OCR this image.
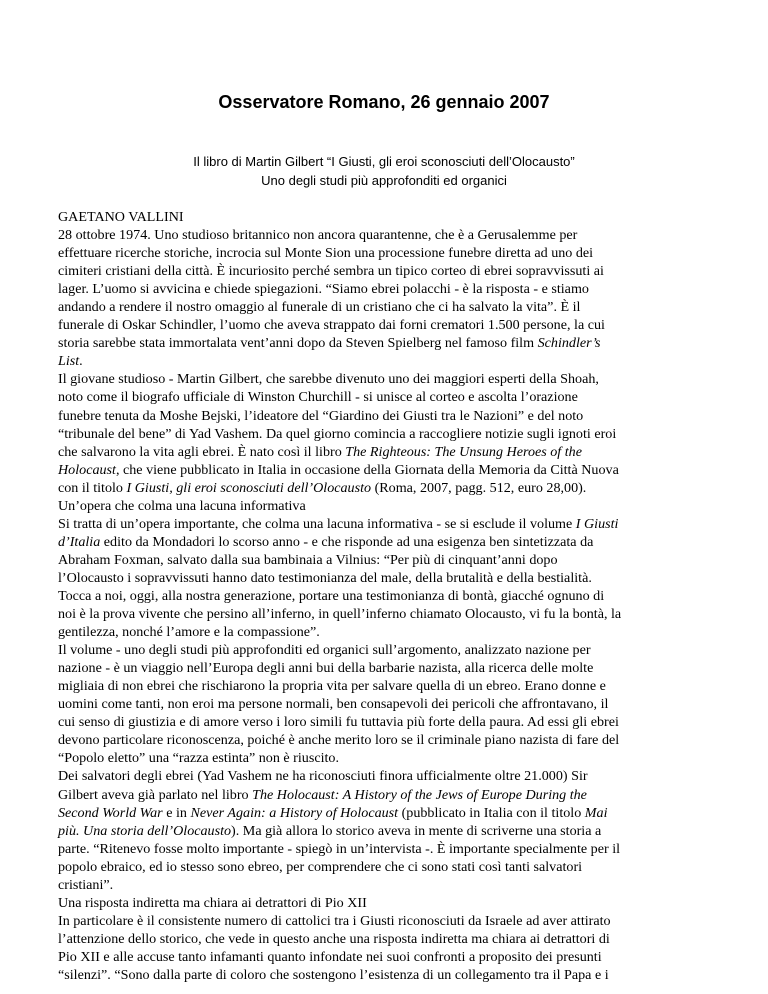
Osservatore Romano, 26 gennaio 2007
Il libro di Martin Gilbert “I Giusti, gli eroi sconosciuti dell’Olocausto”
Uno degli studi più approfonditi ed organici
GAETANO VALLINI
28 ottobre 1974. Uno studioso britannico non ancora quarantenne, che è a Gerusalemme per
effettuare ricerche storiche, incrocia sul Monte Sion una processione funebre diretta ad uno dei
cimiteri cristiani della città. È incuriosito perché sembra un tipico corteo di ebrei sopravvissuti ai
lager. L’uomo si avvicina e chiede spiegazioni. “Siamo ebrei polacchi - è la risposta - e stiamo
andando a rendere il nostro omaggio al funerale di un cristiano che ci ha salvato la vita”. È il
funerale di Oskar Schindler, l’uomo che aveva strappato dai forni crematori 1.500 persone, la cui
storia sarebbe stata immortalata vent’anni dopo da Steven Spielberg nel famoso film Schindler’s
List.
Il giovane studioso - Martin Gilbert, che sarebbe divenuto uno dei maggiori esperti della Shoah,
noto come il biografo ufficiale di Winston Churchill - si unisce al corteo e ascolta l’orazione
funebre tenuta da Moshe Bejski, l’ideatore del “Giardino dei Giusti tra le Nazioni” e del noto
“tribunale del bene” di Yad Vashem. Da quel giorno comincia a raccogliere notizie sugli ignoti eroi
che salvarono la vita agli ebrei. È nato così il libro The Righteous: The Unsung Heroes of the
Holocaust, che viene pubblicato in Italia in occasione della Giornata della Memoria da Città Nuova
con il titolo I Giusti, gli eroi sconosciuti dell’Olocausto (Roma, 2007, pagg. 512, euro 28,00).
Un’opera che colma una lacuna informativa
Si tratta di un’opera importante, che colma una lacuna informativa - se si esclude il volume I Giusti
d’Italia edito da Mondadori lo scorso anno - e che risponde ad una esigenza ben sintetizzata da
Abraham Foxman, salvato dalla sua bambinaia a Vilnius: “Per più di cinquant’anni dopo
l’Olocausto i sopravvissuti hanno dato testimonianza del male, della brutalità e della bestialità.
Tocca a noi, oggi, alla nostra generazione, portare una testimonianza di bontà, giacché ognuno di
noi è la prova vivente che persino all’inferno, in quell’inferno chiamato Olocausto, vi fu la bontà, la
gentilezza, nonché l’amore e la compassione”.
Il volume - uno degli studi più approfonditi ed organici sull’argomento, analizzato nazione per
nazione - è un viaggio nell’Europa degli anni bui della barbarie nazista, alla ricerca delle molte
migliaia di non ebrei che rischiarono la propria vita per salvare quella di un ebreo. Erano donne e
uomini come tanti, non eroi ma persone normali, ben consapevoli dei pericoli che affrontavano, il
cui senso di giustizia e di amore verso i loro simili fu tuttavia più forte della paura. Ad essi gli ebrei
devono particolare riconoscenza, poiché è anche merito loro se il criminale piano nazista di fare del
“Popolo eletto” una “razza estinta” non è riuscito.
Dei salvatori degli ebrei (Yad Vashem ne ha riconosciuti finora ufficialmente oltre 21.000) Sir
Gilbert aveva già parlato nel libro The Holocaust: A History of the Jews of Europe During the
Second World War e in Never Again: a History of Holocaust (pubblicato in Italia con il titolo Mai
più. Una storia dell’Olocausto). Ma già allora lo storico aveva in mente di scriverne una storia a
parte. “Ritenevo fosse molto importante - spiegò in un’intervista -. È importante specialmente per il
popolo ebraico, ed io stesso sono ebreo, per comprendere che ci sono stati così tanti salvatori
cristiani”.
Una risposta indiretta ma chiara ai detrattori di Pio XII
In particolare è il consistente numero di cattolici tra i Giusti riconosciuti da Israele ad aver attirato
l’attenzione dello storico, che vede in questo anche una risposta indiretta ma chiara ai detrattori di
Pio XII e alle accuse tanto infamanti quanto infondate nei suoi confronti a proposito dei presunti
“silenzi”. “Sono dalla parte di coloro che sostengono l’esistenza di un collegamento tra il Papa e i
